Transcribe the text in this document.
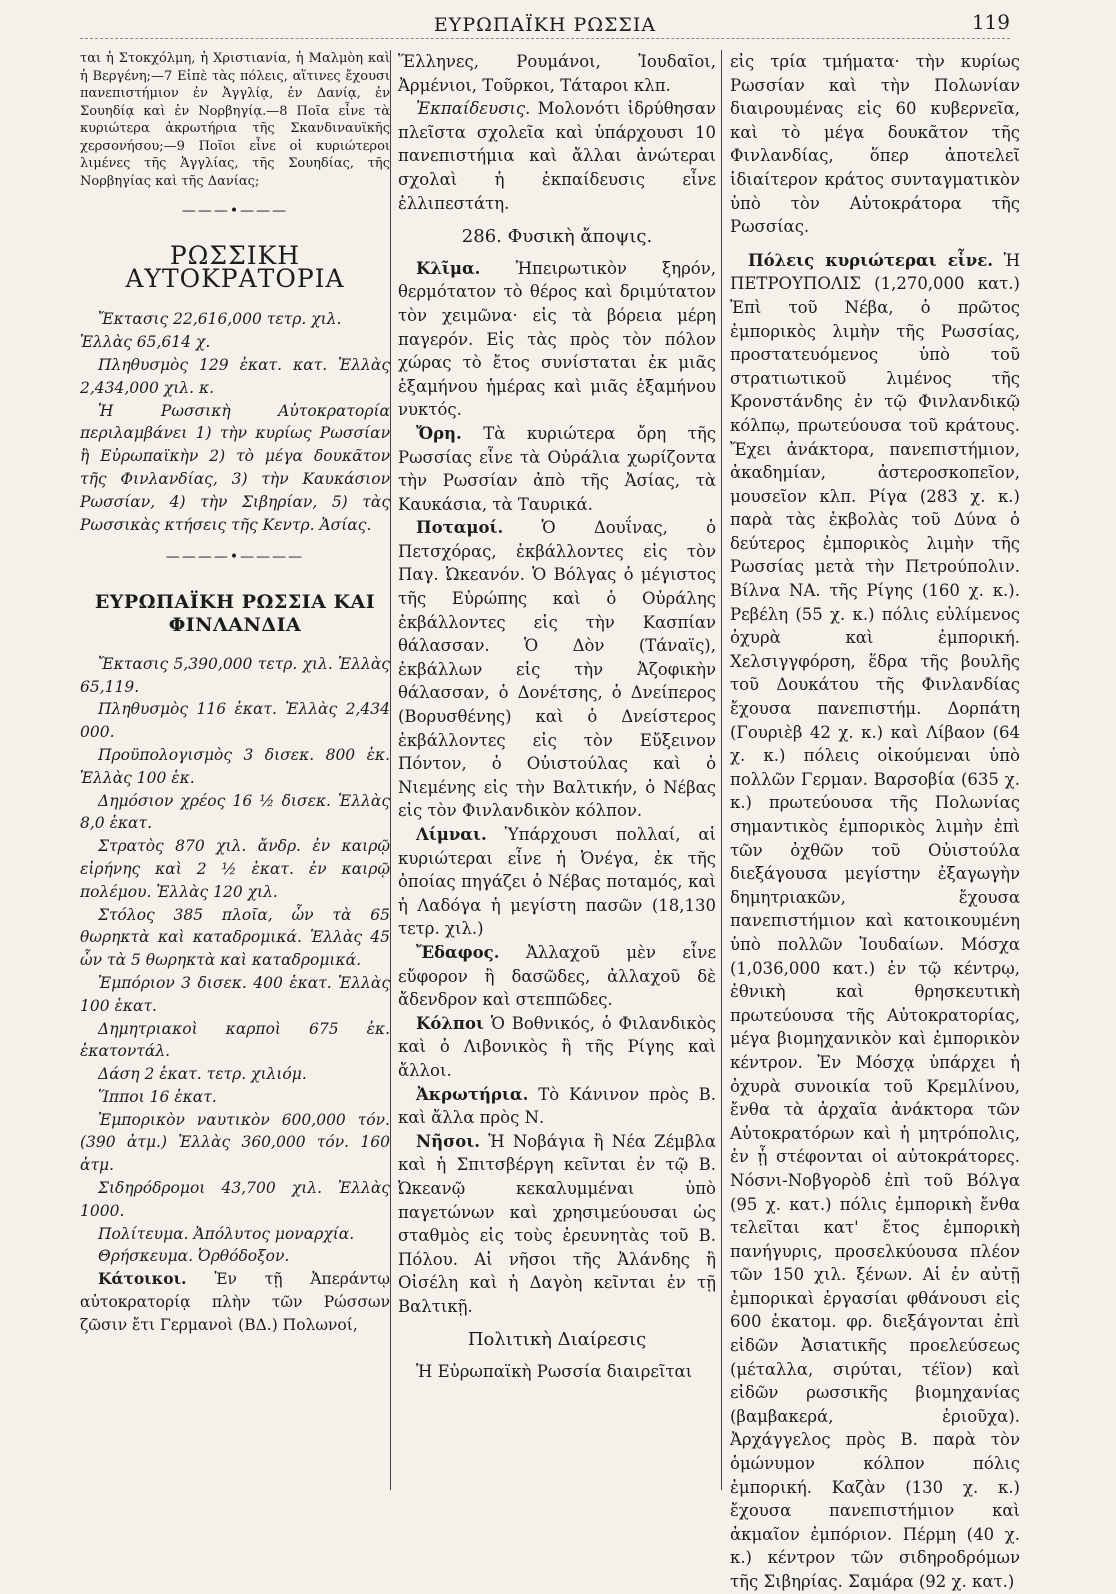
ΕΥΡΩΠΑΪΚΗ ΡΩΣΣΙΑ	119

ται ἡ Στοκχόλμη, ἡ Χριστιανία, ἡ Μαλμὸη καὶ ἡ Βεργένη;—7 Εἰπὲ τὰς πόλεις, αἵτινες ἔχουσι πανεπιστήμιον ἐν Ἀγγλίᾳ, ἐν Δανίᾳ, ἐν Σουηδίᾳ καὶ ἐν Νορβηγίᾳ.—8 Ποῖα εἶνε τὰ κυριώτερα ἀκρωτήρια τῆς Σκανδιναυϊκῆς χερσονήσου;—9 Ποῖοι εἶνε οἱ κυριώτεροι λιμένες τῆς Ἀγγλίας, τῆς Σουηδίας, τῆς Νορβηγίας καὶ τῆς Δανίας;

———•———
ΡΩΣΣΙΚΗ ΑΥΤΟΚΡΑΤΟΡΙΑ

Ἔκτασις 22,616,000 τετρ. χιλ.

Ἑλλὰς 65,614 χ.

Πληθυσμὸς 129 ἑκατ. κατ. Ἑλλὰς 2,434,000 χιλ. κ.

Ἡ Ρωσσικὴ Αὐτοκρατορία περιλαμβάνει 1) τὴν κυρίως Ρωσσίαν ἢ Εὐρωπαϊκὴν 2) τὸ μέγα δουκᾶτον τῆς Φινλανδίας, 3) τὴν Καυκάσιον Ρωσσίαν, 4) τὴν Σιβηρίαν, 5) τὰς Ρωσσικὰς κτήσεις τῆς Κεντρ. Ἀσίας.

————•————
ΕΥΡΩΠΑΪΚΗ ΡΩΣΣΙΑ ΚΑΙ ΦΙΝΛΑΝΔΙΑ

Ἔκτασις 5,390,000 τετρ. χιλ. Ἑλλὰς 65,119.

Πληθυσμὸς 116 ἑκατ. Ἑλλὰς 2,434 000.

Προϋπολογισμὸς 3 δισεκ. 800 ἑκ. Ἑλλὰς 100 ἑκ.

Δημόσιον χρέος 16 ½ δισεκ. Ἑλλὰς 8,0 ἑκατ.

Στρατὸς 870 χιλ. ἄνδρ. ἐν καιρῷ εἰρήνης καὶ 2 ½ ἑκατ. ἐν καιρῷ πολέμου. Ἑλλὰς 120 χιλ.

Στόλος 385 πλοῖα, ὧν τὰ 65 θωρηκτὰ καὶ καταδρομικά. Ἑλλὰς 45 ὧν τὰ 5 θωρηκτὰ καὶ καταδρομικά.

Ἐμπόριον 3 δισεκ. 400 ἑκατ. Ἑλλὰς 100 ἑκατ.

Δημητριακοὶ καρποὶ 675 ἑκ. ἑκατοντάλ.

Δάση 2 ἑκατ. τετρ. χιλιόμ.

Ἵπποι 16 ἑκατ.

Ἐμπορικὸν ναυτικὸν 600,000 τόν. (390 ἀτμ.) Ἑλλὰς 360,000 τόν. 160 ἀτμ.

Σιδηρόδρομοι 43,700 χιλ. Ἑλλὰς 1000.

Πολίτευμα. Ἀπόλυτος μοναρχία.

Θρήσκευμα. Ὀρθόδοξον.

Κάτοικοι. Ἐν τῇ Ἀπεράντῳ αὐτοκρατορίᾳ πλὴν τῶν Ρώσσων ζῶσιν ἔτι Γερμανοὶ (ΒΔ.) Πολωνοί,

Ἕλληνες, Ρουμάνοι, Ἰουδαῖοι, Ἀρμένιοι, Τοῦρκοι, Τάταροι κλπ.

Ἐκπαίδευσις. Μολονότι ἱδρύθησαν πλεῖστα σχολεῖα καὶ ὑπάρχουσι 10 πανεπιστήμια καὶ ἄλλαι ἀνώτεραι σχολαὶ ἡ ἐκπαίδευσις εἶνε ἐλλιπεστάτη.

286. Φυσικὴ ἄποψις.

Κλῖμα. Ἠπειρωτικὸν ξηρόν, θερμότατον τὸ θέρος καὶ δριμύτατον τὸν χειμῶνα· εἰς τὰ βόρεια μέρη παγερόν. Εἰς τὰς πρὸς τὸν πόλον χώρας τὸ ἔτος συνίσταται ἐκ μιᾶς ἑξαμήνου ἡμέρας καὶ μιᾶς ἑξαμήνου νυκτός.

Ὄρη. Τὰ κυριώτερα ὄρη τῆς Ρωσσίας εἶνε τὰ Οὐράλια χωρίζοντα τὴν Ρωσσίαν ἀπὸ τῆς Ἀσίας, τὰ Καυκάσια, τὰ Ταυρικά.

Ποταμοί. Ὁ Δουΐνας, ὁ Πετσχόρας, ἐκβάλλοντες εἰς τὸν Παγ. Ὠκεανόν. Ὁ Βόλγας ὁ μέγιστος τῆς Εὐρώπης καὶ ὁ Οὐράλης ἐκβάλλοντες εἰς τὴν Κασπίαν θάλασσαν. Ὁ Δὸν (Τάναϊς), ἐκβάλλων εἰς τὴν Ἀζοφικὴν θάλασσαν, ὁ Δονέτσης, ὁ Δνείπερος (Βορυσθένης) καὶ ὁ Δνείστερος ἐκβάλλοντες εἰς τὸν Εὔξεινον Πόντον, ὁ Οὐιστούλας καὶ ὁ Νιεμένης εἰς τὴν Βαλτικήν, ὁ Νέβας εἰς τὸν Φινλανδικὸν κόλπον.

Λίμναι. Ὑπάρχουσι πολλαί, αἱ κυριώτεραι εἶνε ἡ Ὀνέγα, ἐκ τῆς ὁποίας πηγάζει ὁ Νέβας ποταμός, καὶ ἡ Λαδόγα ἡ μεγίστη πασῶν (18,130 τετρ. χιλ.)

Ἔδαφος. Ἀλλαχοῦ μὲν εἶνε εὔφορον ἢ δασῶδες, ἀλλαχοῦ δὲ ἄδενδρον καὶ στεππῶδες.

Κόλποι Ὁ Βοθνικός, ὁ Φιλανδικὸς καὶ ὁ Λιβονικὸς ἢ τῆς Ρίγης καὶ ἄλλοι.

Ἀκρωτήρια. Τὸ Κάνινον πρὸς Β. καὶ ἄλλα πρὸς Ν.

Νῆσοι. Ἡ Νοβάγια ἢ Νέα Ζέμβλα καὶ ἡ Σπιτσβέργη κεῖνται ἐν τῷ Β. Ὠκεανῷ κεκαλυμμέναι ὑπὸ παγετώνων καὶ χρησιμεύουσαι ὡς σταθμὸς εἰς τοὺς ἐρευνητὰς τοῦ Β. Πόλου. Αἱ νῆσοι τῆς Ἀλάνδης ἢ Οἰσέλη καὶ ἡ Δαγὸη κεῖνται ἐν τῇ Βαλτικῇ.

Πολιτικὴ Διαίρεσις

Ἡ Εὐρωπαϊκὴ Ρωσσία διαιρεῖται

εἰς τρία τμήματα· τὴν κυρίως Ρωσσίαν καὶ τὴν Πολωνίαν διαιρουμένας εἰς 60 κυβερνεῖα, καὶ τὸ μέγα δουκᾶτον τῆς Φινλανδίας, ὅπερ ἀποτελεῖ ἰδιαίτερον κράτος συνταγματικὸν ὑπὸ τὸν Αὐτοκράτορα τῆς Ρωσσίας.

Πόλεις κυριώτεραι εἶνε. Ἡ ΠΕΤΡΟΥΠΟΛΙΣ (1,270,000 κατ.) Ἐπὶ τοῦ Νέβα, ὁ πρῶτος ἐμπορικὸς λιμὴν τῆς Ρωσσίας, προστατευόμενος ὑπὸ τοῦ στρατιωτικοῦ λιμένος τῆς Κρονστάνδης ἐν τῷ Φινλανδικῷ κόλπῳ, πρωτεύουσα τοῦ κράτους. Ἔχει ἀνάκτορα, πανεπιστήμιον, ἀκαδημίαν, ἀστεροσκοπεῖον, μουσεῖον κλπ. Ρίγα (283 χ. κ.) παρὰ τὰς ἐκβολὰς τοῦ Δύνα ὁ δεύτερος ἐμπορικὸς λιμὴν τῆς Ρωσσίας μετὰ τὴν Πετρούπολιν. Βίλνα ΝΑ. τῆς Ρίγης (160 χ. κ.). Ρεβέλη (55 χ. κ.) πόλις εὐλίμενος ὀχυρὰ καὶ ἐμπορική. Χελσιγγφόρση, ἕδρα τῆς βουλῆς τοῦ Δουκάτου τῆς Φινλανδίας ἔχουσα πανεπιστήμ. Δορπάτη (Γουριὲβ 42 χ. κ.) καὶ Λίβαον (64 χ. κ.) πόλεις οἰκούμεναι ὑπὸ πολλῶν Γερμαν. Βαρσοβία (635 χ. κ.) πρωτεύουσα τῆς Πολωνίας σημαντικὸς ἐμπορικὸς λιμὴν ἐπὶ τῶν ὀχθῶν τοῦ Οὐιστούλα διεξάγουσα μεγίστην ἐξαγωγὴν δημητριακῶν, ἔχουσα πανεπιστήμιον καὶ κατοικουμένη ὑπὸ πολλῶν Ἰουδαίων. Μόσχα (1,036,000 κατ.) ἐν τῷ κέντρῳ, ἐθνικὴ καὶ θρησκευτικὴ πρωτεύουσα τῆς Αὐτοκρατορίας, μέγα βιομηχανικὸν καὶ ἐμπορικὸν κέντρον. Ἐν Μόσχᾳ ὑπάρχει ἡ ὀχυρὰ συνοικία τοῦ Κρεμλίνου, ἔνθα τὰ ἀρχαῖα ἀνάκτορα τῶν Αὐτοκρατόρων καὶ ἡ μητρόπολις, ἐν ᾗ στέφονται οἱ αὐτοκράτορες. Νόσνι-Νοβγορὸδ ἐπὶ τοῦ Βόλγα (95 χ. κατ.) πόλις ἐμπορικὴ ἔνθα τελεῖται κατ' ἔτος ἐμπορικὴ πανήγυρις, προσελκύουσα πλέον τῶν 150 χιλ. ξένων. Αἱ ἐν αὐτῇ ἐμπορικαὶ ἐργασίαι φθάνουσι εἰς 600 ἑκατομ. φρ. διεξάγονται ἐπὶ εἰδῶν Ἀσιατικῆς προελεύσεως (μέταλλα, σιρύται, τέϊον) καὶ εἰδῶν ρωσσικῆς βιομηχανίας (βαμβακερά, ἐριοῦχα). Ἀρχάγγελος πρὸς Β. παρὰ τὸν ὁμώνυμον κόλπον πόλις ἐμπορική. Καζὰν (130 χ. κ.) ἔχουσα πανεπιστήμιον καὶ ἀκμαῖον ἐμπόριον. Πέρμη (40 χ. κ.) κέντρον τῶν σιδηροδρόμων τῆς Σιβηρίας. Σαμάρα (92 χ. κατ.)
